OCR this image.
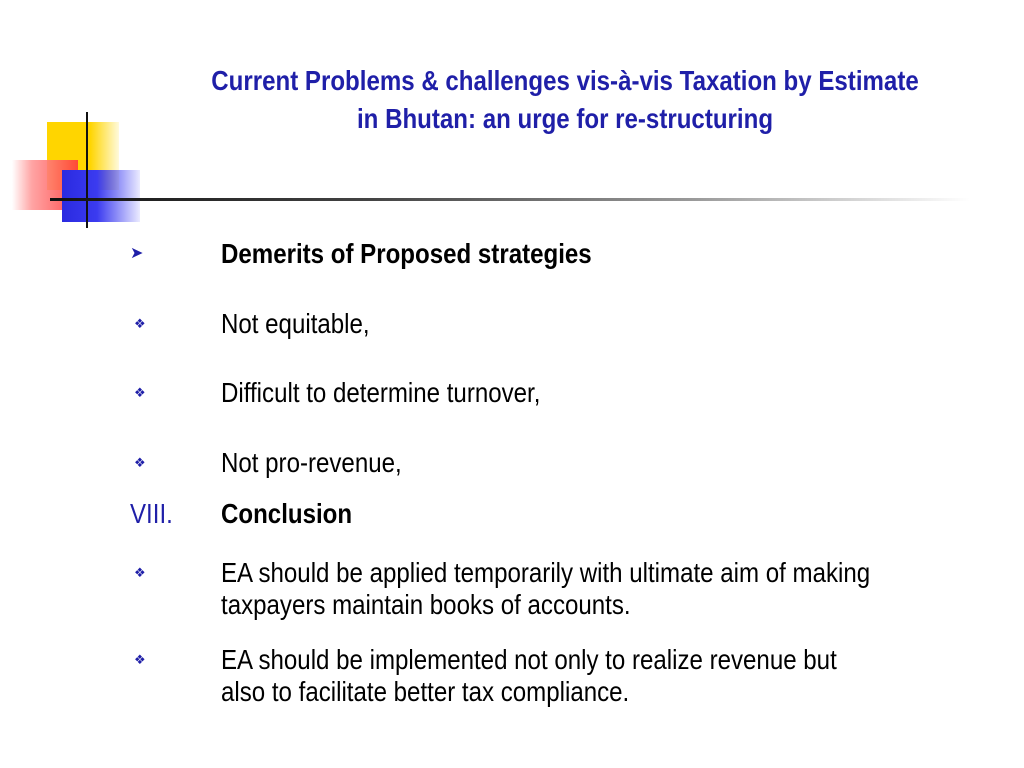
Current Problems & challenges vis-à-vis Taxation by Estimate
in Bhutan: an urge for re-structuring
➤	Demerits of Proposed strategies
❖	Not equitable,
❖	Difficult to determine turnover,
❖	Not pro-revenue,
VIII. Conclusion
❖	EA should be applied temporarily with ultimate aim of making
taxpayers maintain books of accounts.
❖	EA should be implemented not only to realize revenue but
also to facilitate better tax compliance.
